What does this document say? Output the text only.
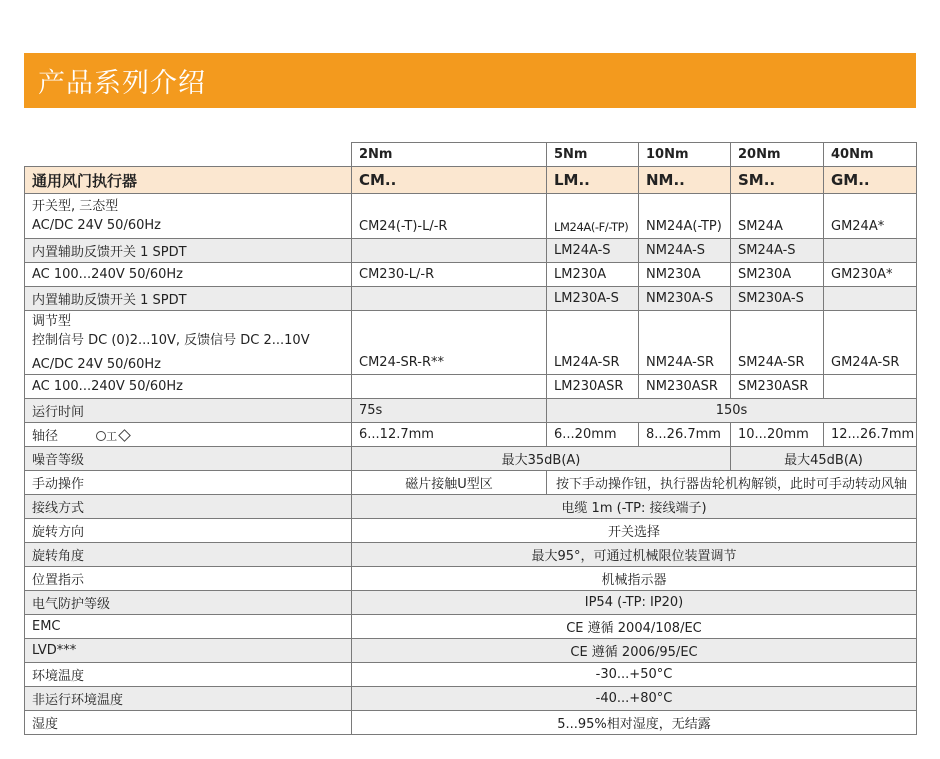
产品系列介绍
	2Nm	5Nm	10Nm	20Nm	40Nm
通用风门执行器	CM..	LM..	NM..	SM..	GM..

开关型, 三态型
AC/DC 24V 50/60Hz	CM24(-T)-L/-R	LM24A(-F/-TP)	NM24A(-TP)	SM24A	GM24A*
内置辅助反馈开关 1 SPDT		LM24A-S	NM24A-S	SM24A-S	
AC 100...240V 50/60Hz	CM230-L/-R	LM230A	NM230A	SM230A	GM230A*
内置辅助反馈开关 1 SPDT		LM230A-S	NM230A-S	SM230A-S	

调节型
控制信号 DC (0)2...10V, 反馈信号 DC 2...10V
AC/DC 24V 50/60Hz	CM24-SR-R**	LM24A-SR	NM24A-SR	SM24A-SR	GM24A-SR
AC 100...240V 50/60Hz		LM230ASR	NM230ASR	SM230ASR	
运行时间	75s	150s			
轴径 工	6...12.7mm	6...20mm	8...26.7mm	10...20mm	12...26.7mm
噪音等级	最大35dB(A)			最大45dB(A)	
手动操作	磁片接触U型区	按下手动操作钮，执行器齿轮机构解锁，此时可手动转动风轴			
接线方式	电缆 1m (-TP: 接线端子)				
旋转方向	开关选择				
旋转角度	最大95°，可通过机械限位装置调节				
位置指示	机械指示器				
电气防护等级	IP54 (-TP: IP20)				
EMC	CE 遵循 2004/108/EC				
LVD***	CE 遵循 2006/95/EC				
环境温度	-30...+50°C				
非运行环境温度	-40...+80°C				
湿度	5...95%相对湿度，无结露				
